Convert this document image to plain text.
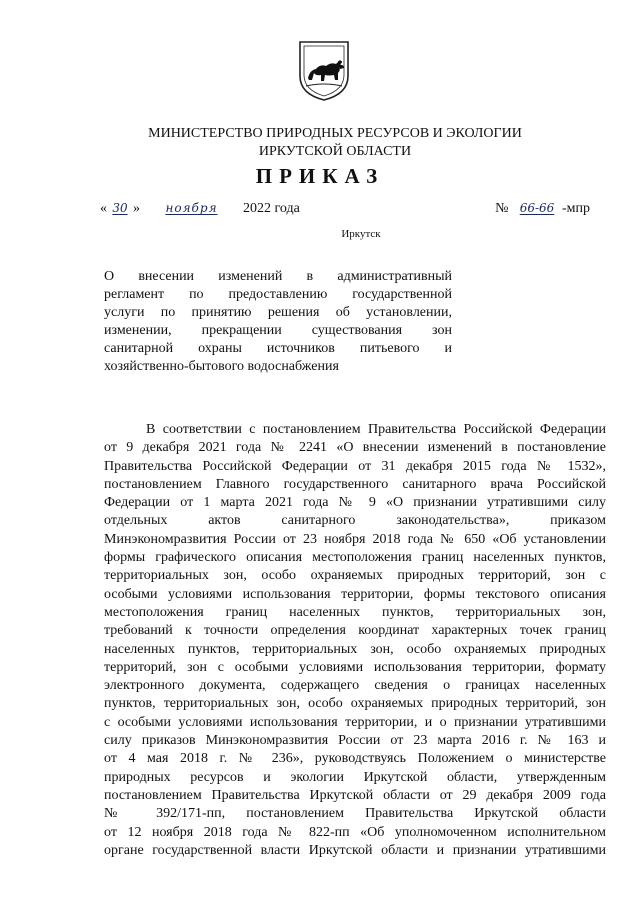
МИНИСТЕРСТВО ПРИРОДНЫХ РЕСУРСОВ И ЭКОЛОГИИ
ИРКУТСКОЙ ОБЛАСТИ
ПРИКАЗ
« 30 » ноября 2022 года	№ 66-66 -мпр
Иркутск
О внесении изменений в административный
регламент по предоставлению государственной
услуги по принятию решения об установлении,
изменении, прекращении существования зон
санитарной охраны источников питьевого и
хозяйственно-бытового водоснабжения
В соответствии с постановлением Правительства Российской Федерации
от 9 декабря 2021 года № 2241 «О внесении изменений в постановление
Правительства Российской Федерации от 31 декабря 2015 года № 1532»,
постановлением Главного государственного санитарного врача Российской
Федерации от 1 марта 2021 года № 9 «О признании утратившими силу
отдельных актов санитарного законодательства», приказом
Минэкономразвития России от 23 ноября 2018 года № 650 «Об установлении
формы графического описания местоположения границ населенных пунктов,
территориальных зон, особо охраняемых природных территорий, зон с
особыми условиями использования территории, формы текстового описания
местоположения границ населенных пунктов, территориальных зон,
требований к точности определения координат характерных точек границ
населенных пунктов, территориальных зон, особо охраняемых природных
территорий, зон с особыми условиями использования территории, формату
электронного документа, содержащего сведения о границах населенных
пунктов, территориальных зон, особо охраняемых природных территорий, зон
с особыми условиями использования территории, и о признании утратившими
силу приказов Минэкономразвития России от 23 марта 2016 г. № 163 и
от 4 мая 2018 г. № 236», руководствуясь Положением о министерстве
природных ресурсов и экологии Иркутской области, утвержденным
постановлением Правительства Иркутской области от 29 декабря 2009 года
№ 392/171-пп, постановлением Правительства Иркутской области
от 12 ноября 2018 года № 822-пп «Об уполномоченном исполнительном
органе государственной власти Иркутской области и признании утратившими
